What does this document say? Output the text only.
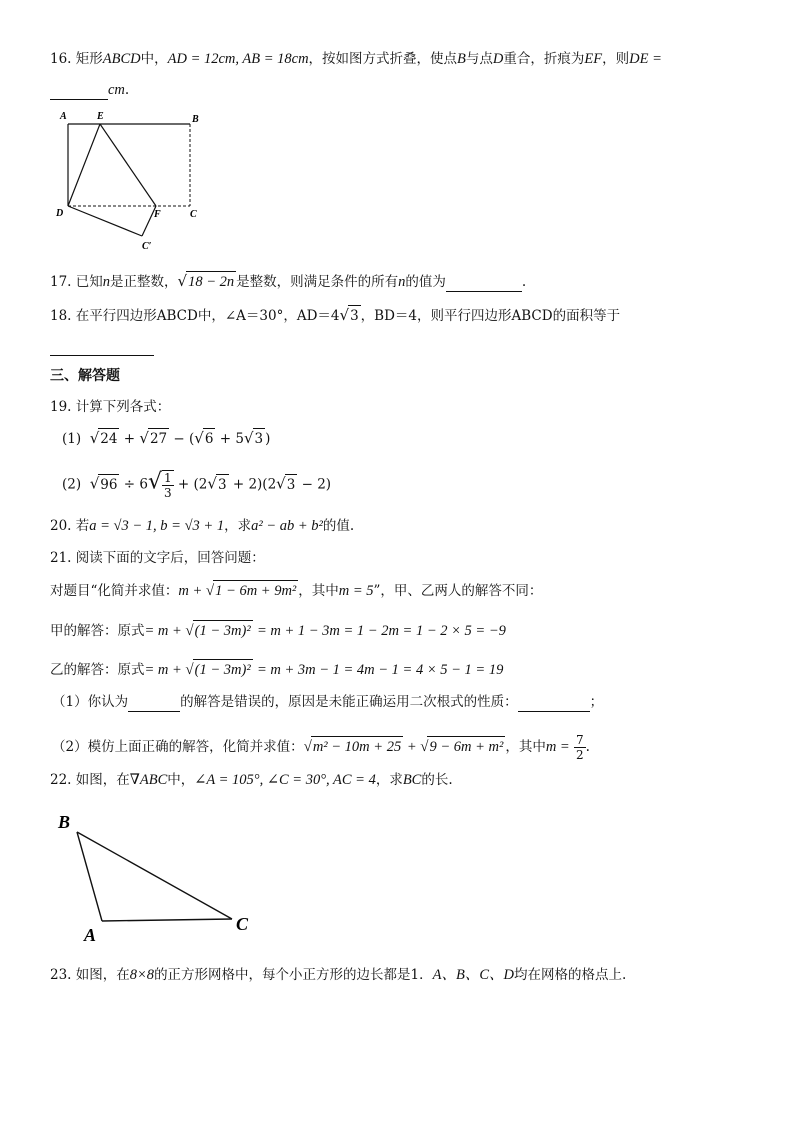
16. 矩形ABCD中，AD = 12cm, AB = 18cm，按如图方式折叠，使点B与点D重合，折痕为EF，则DE =
cm.
A	E	B
D	F	C
C′
17. 已知n是正整数，√18 − 2n 是整数，则满足条件的所有n的值为	.
18. 在平行四边形ABCD中，∠A＝30°，AD＝4√3 ，BD＝4，则平行四边形ABCD的面积等于
三、解答题
19. 计算下列各式：
(1) √24 + √27 − (√6 + 5√3 )
(2) $√96 \div 6√ \frac{1}{3} + (2√3 + 2)(2√3 - 2)$
20. 若a = √3 − 1, b = √3 + 1，求a² − ab + b²的值.
21. 阅读下面的文字后，回答问题：
对题目“化简并求值：m + √1 − 6m + 9m² ，其中m = 5”，甲、乙两人的解答不同：
甲的解答：原式= m + √(1 − 3m)² = m + 1 − 3m = 1 − 2m = 1 − 2 × 5 = −9
乙的解答：原式= m + √(1 − 3m)² = m + 3m − 1 = 4m − 1 = 4 × 5 − 1 = 19
（1）你认为	的解答是错误的，原因是未能正确运用二次根式的性质：	；
（2）模仿上面正确的解答，化简并求值：√m² − 10m + 25 + √9 − 6m + m² ，其中$m = \frac{7}{2}$ .
22. 如图，在∇ABC中，∠A = 105°, ∠C = 30°, AC = 4，求BC的长.
B
A
C
23. 如图，在8×8的正方形网格中，每个小正方形的边长都是1．A、B、C、D均在网格的格点上.
